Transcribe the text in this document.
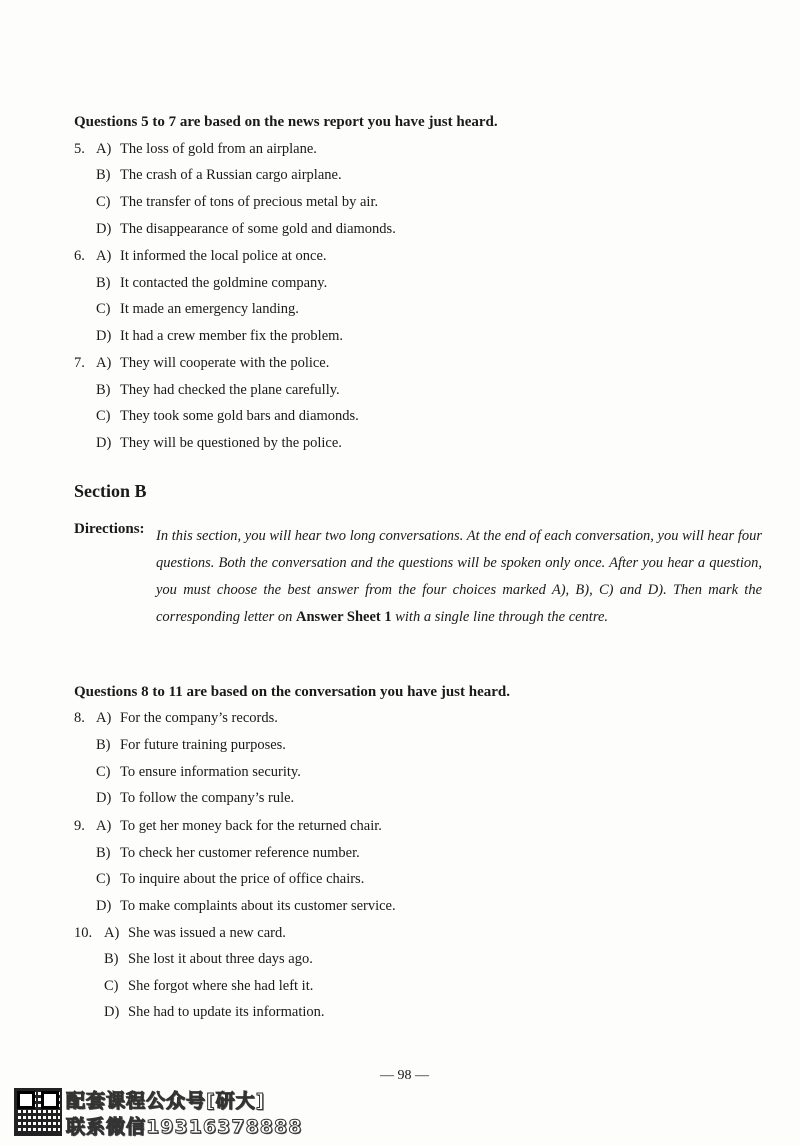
Questions 5 to 7 are based on the news report you have just heard.
5. A) The loss of gold from an airplane.
B) The crash of a Russian cargo airplane.
C) The transfer of tons of precious metal by air.
D) The disappearance of some gold and diamonds.
6. A) It informed the local police at once.
B) It contacted the goldmine company.
C) It made an emergency landing.
D) It had a crew member fix the problem.
7. A) They will cooperate with the police.
B) They had checked the plane carefully.
C) They took some gold bars and diamonds.
D) They will be questioned by the police.
Section B
Directions: In this section, you will hear two long conversations. At the end of each conversation, you will hear four questions. Both the conversation and the questions will be spoken only once. After you hear a question, you must choose the best answer from the four choices marked A), B), C) and D). Then mark the corresponding letter on Answer Sheet 1 with a single line through the centre.
Questions 8 to 11 are based on the conversation you have just heard.
8. A) For the company’s records.
B) For future training purposes.
C) To ensure information security.
D) To follow the company’s rule.
9. A) To get her money back for the returned chair.
B) To check her customer reference number.
C) To inquire about the price of office chairs.
D) To make complaints about its customer service.
10. A) She was issued a new card.
B) She lost it about three days ago.
C) She forgot where she had left it.
D) She had to update its information.
— 98 —
配套课程公众号[研大]
联系微信19316378888
